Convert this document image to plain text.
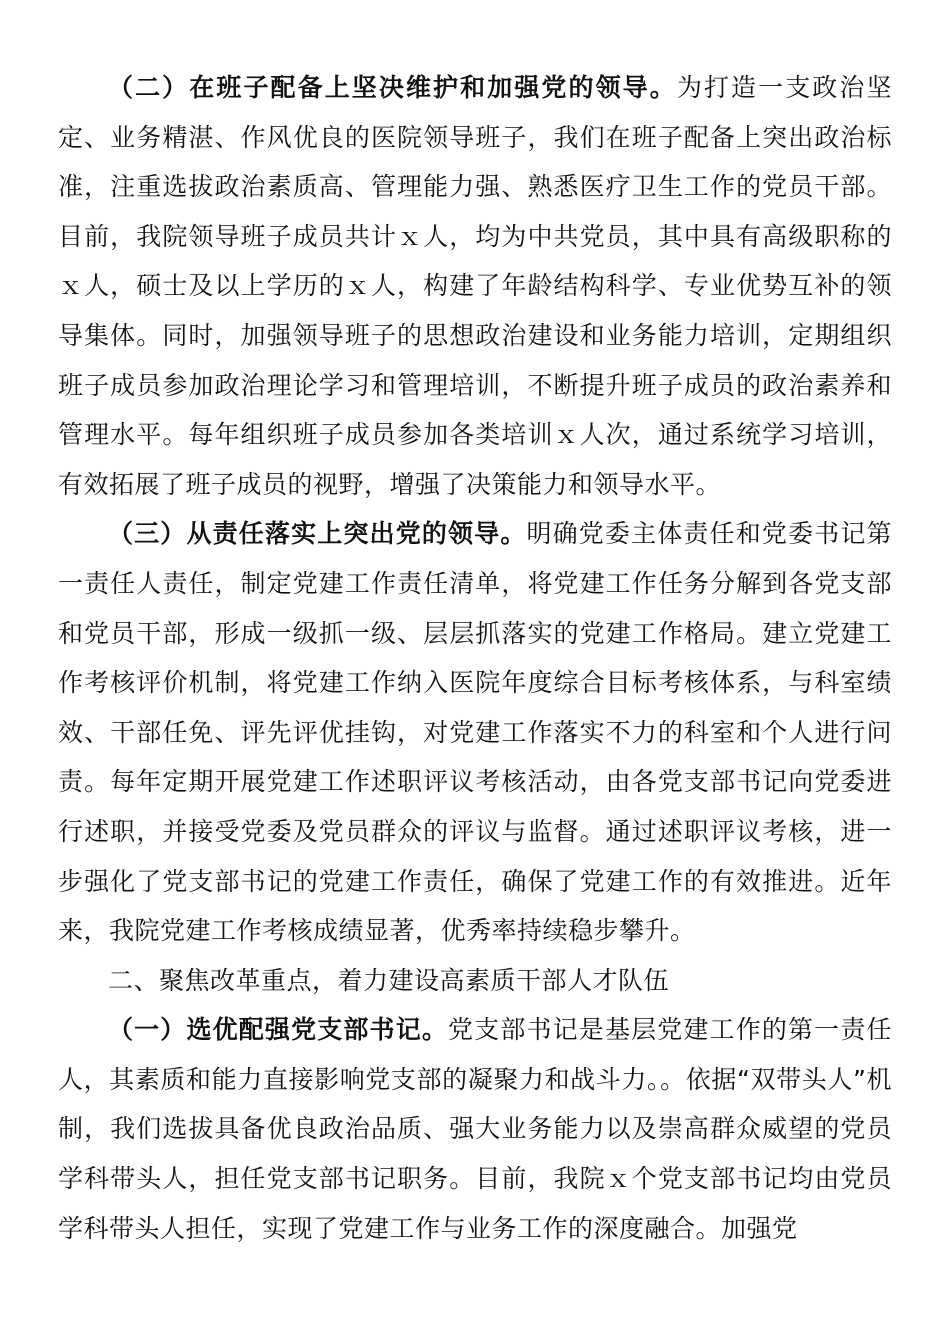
（二）在班子配备上坚决维护和加强党的领导。为打造一支政治坚定、业务精湛、作风优良的医院领导班子，我们在班子配备上突出政治标准，注重选拔政治素质高、管理能力强、熟悉医疗卫生工作的党员干部。目前，我院领导班子成员共计ｘ人，均为中共党员，其中具有高级职称的ｘ人，硕士及以上学历的ｘ人，构建了年龄结构科学、专业优势互补的领导集体。同时，加强领导班子的思想政治建设和业务能力培训，定期组织班子成员参加政治理论学习和管理培训，不断提升班子成员的政治素养和管理水平。每年组织班子成员参加各类培训ｘ人次，通过系统学习培训，有效拓展了班子成员的视野，增强了决策能力和领导水平。

（三）从责任落实上突出党的领导。明确党委主体责任和党委书记第一责任人责任，制定党建工作责任清单，将党建工作任务分解到各党支部和党员干部，形成一级抓一级、层层抓落实的党建工作格局。建立党建工作考核评价机制，将党建工作纳入医院年度综合目标考核体系，与科室绩效、干部任免、评先评优挂钩，对党建工作落实不力的科室和个人进行问责。每年定期开展党建工作述职评议考核活动，由各党支部书记向党委进行述职，并接受党委及党员群众的评议与监督。通过述职评议考核，进一步强化了党支部书记的党建工作责任，确保了党建工作的有效推进。近年来，我院党建工作考核成绩显著，优秀率持续稳步攀升。

二、聚焦改革重点，着力建设高素质干部人才队伍

（一）选优配强党支部书记。党支部书记是基层党建工作的第一责任人，其素质和能力直接影响党支部的凝聚力和战斗力。。依据“双带头人”机制，我们选拔具备优良政治品质、强大业务能力以及崇高群众威望的党员学科带头人，担任党支部书记职务。目前，我院ｘ个党支部书记均由党员学科带头人担任，实现了党建工作与业务工作的深度融合。加强党
